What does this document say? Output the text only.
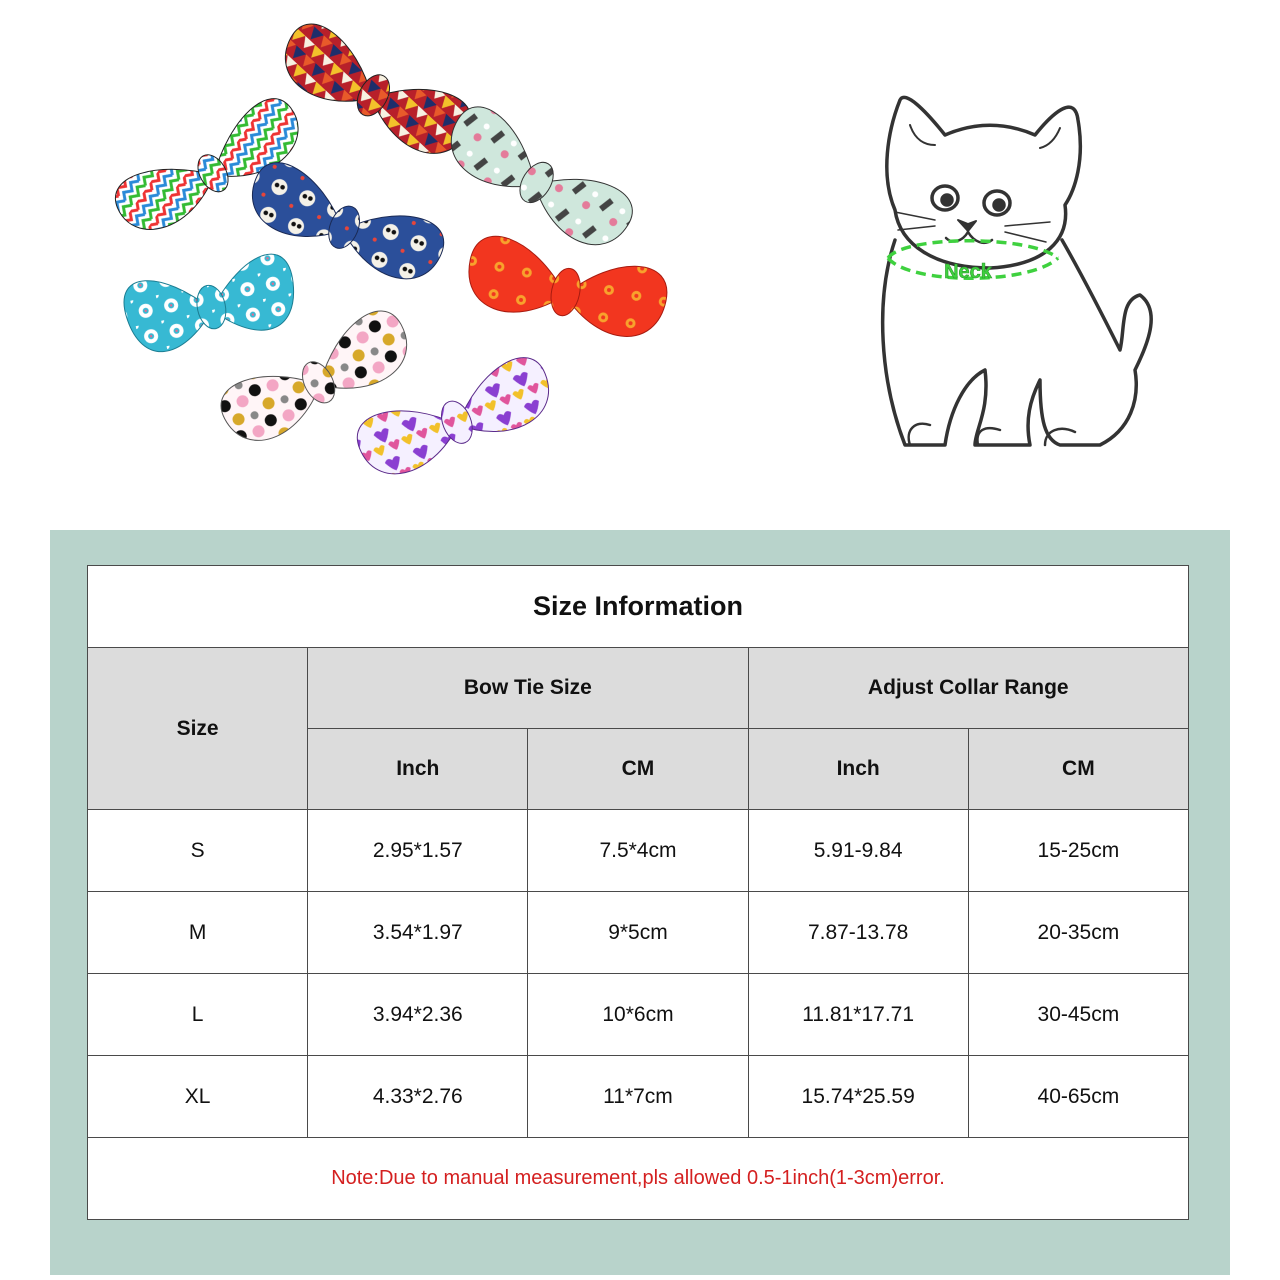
Neck
Size Information				
Size	Bow Tie Size		Adjust Collar Range	
	Inch	CM	Inch	CM
S	2.95*1.57	7.5*4cm	5.91-9.84	15-25cm
M	3.54*1.97	9*5cm	7.87-13.78	20-35cm
L	3.94*2.36	10*6cm	11.81*17.71	30-45cm
XL	4.33*2.76	11*7cm	15.74*25.59	40-65cm
Note:Due to manual measurement,pls allowed 0.5-1inch(1-3cm)error.				
